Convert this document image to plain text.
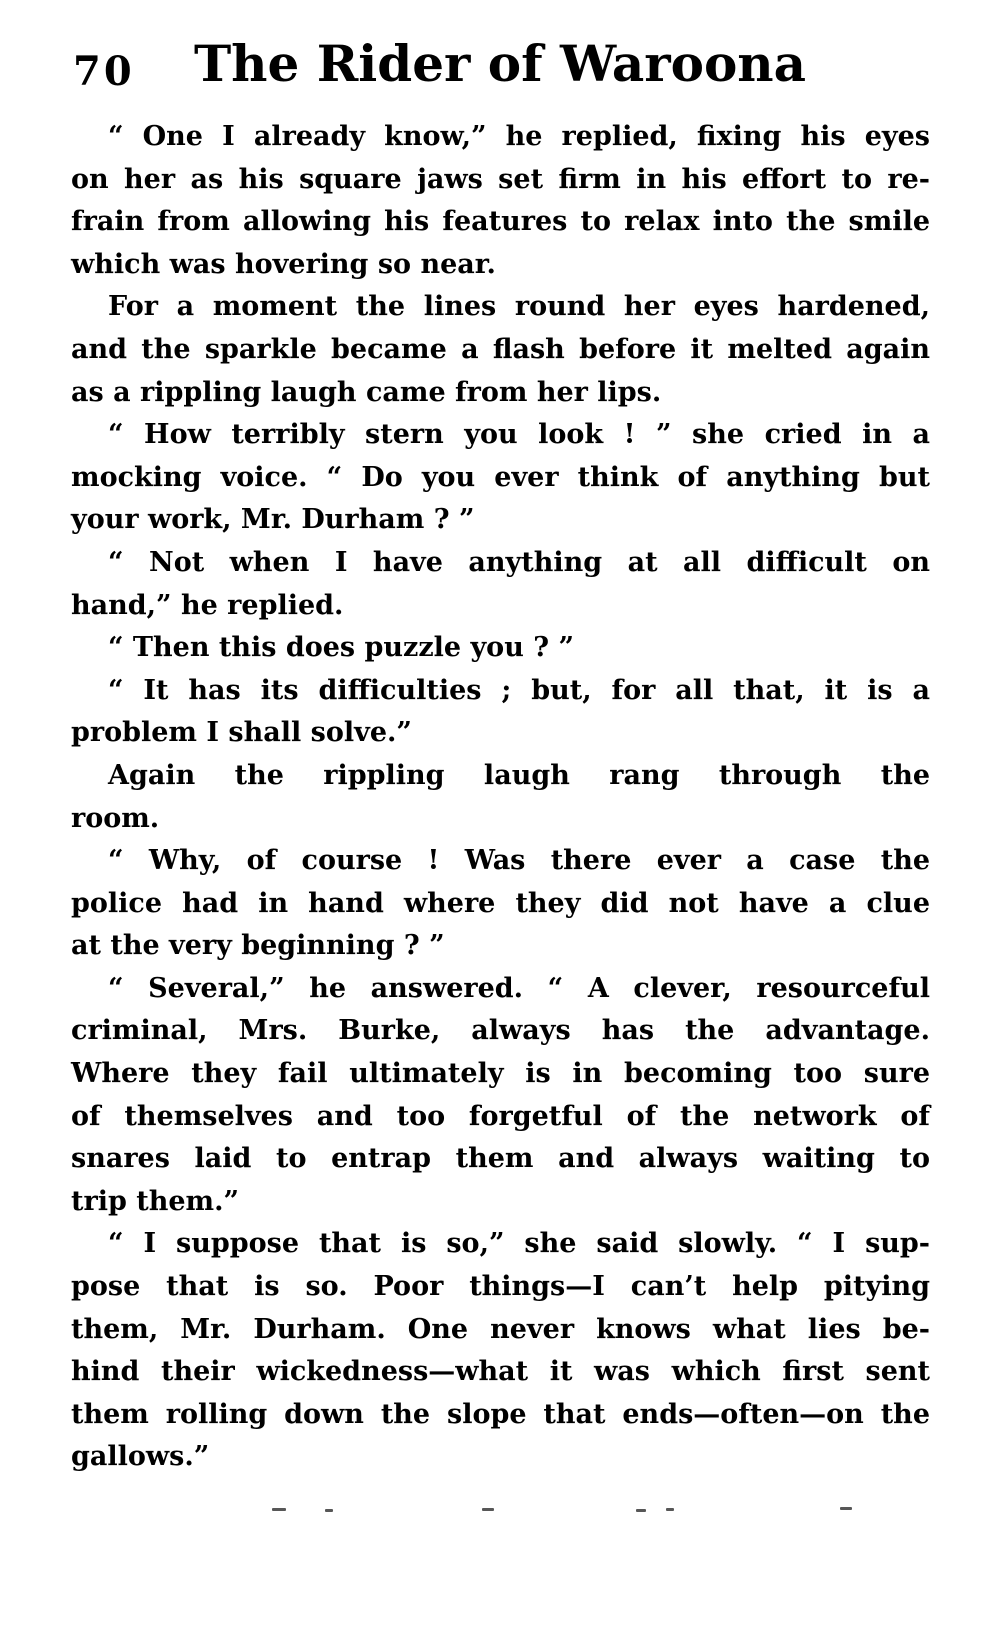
70	The Rider of Waroona
“ One I already know,” he replied, fixing his eyes
on her as his square jaws set firm in his effort to re-
frain from allowing his features to relax into the smile
which was hovering so near.
For a moment the lines round her eyes hardened,
and the sparkle became a flash before it melted again
as a rippling laugh came from her lips.
“ How terribly stern you look ! ” she cried in a
mocking voice. “ Do you ever think of anything but
your work, Mr. Durham ? ”
“ Not when I have anything at all difficult on
hand,” he replied.
“ Then this does puzzle you ? ”
“ It has its difficulties ; but, for all that, it is a
problem I shall solve.”
Again the rippling laugh rang through the
room.
“ Why, of course ! Was there ever a case the
police had in hand where they did not have a clue
at the very beginning ? ”
“ Several,” he answered. “ A clever, resourceful
criminal, Mrs. Burke, always has the advantage.
Where they fail ultimately is in becoming too sure
of themselves and too forgetful of the network of
snares laid to entrap them and always waiting to
trip them.”
“ I suppose that is so,” she said slowly. “ I sup-
pose that is so. Poor things—I can’t help pitying
them, Mr. Durham. One never knows what lies be-
hind their wickedness—what it was which first sent
them rolling down the slope that ends—often—on the
gallows.”
